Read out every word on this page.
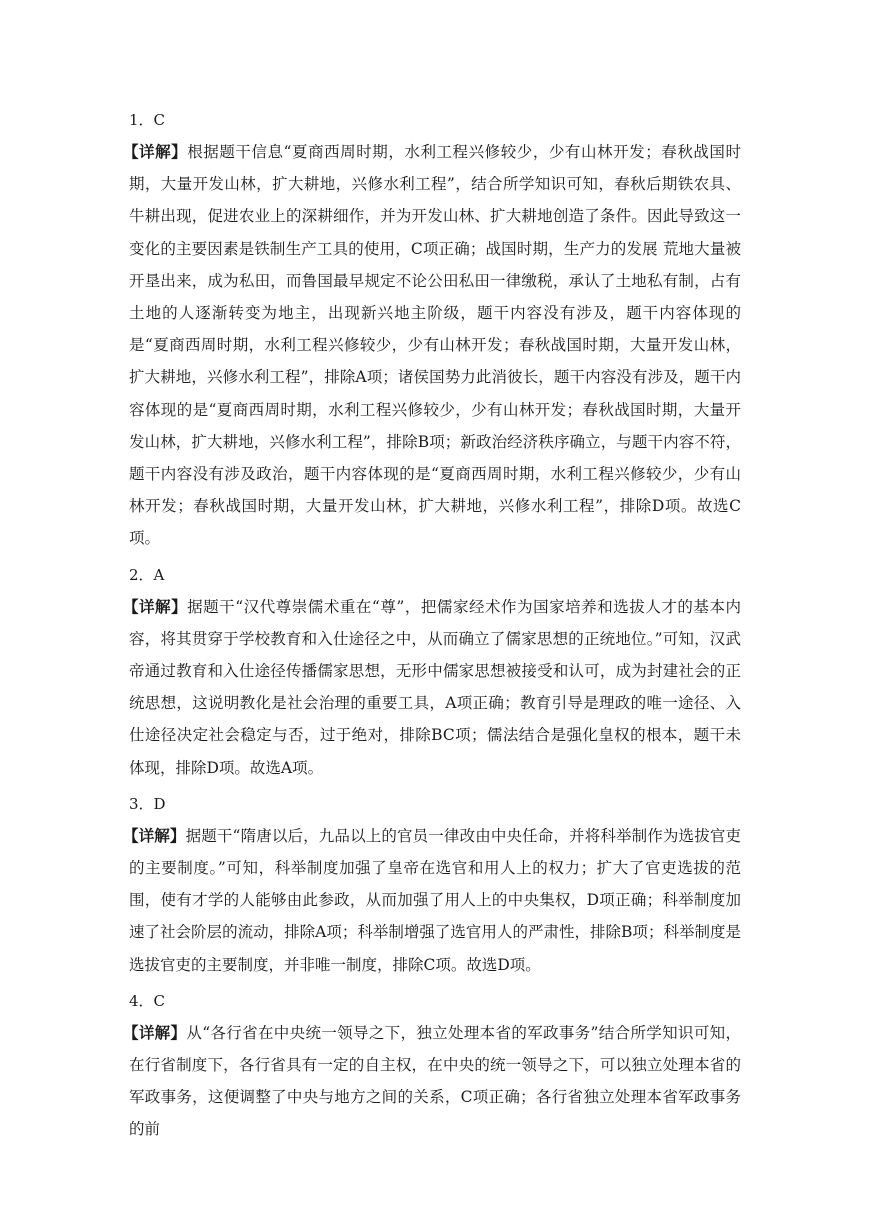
1．C

【详解】根据题干信息“夏商西周时期，水利工程兴修较少，少有山林开发；春秋战国时期，大量开发山林，扩大耕地，兴修水利工程”，结合所学知识可知，春秋后期铁农具、牛耕出现，促进农业上的深耕细作，并为开发山林、扩大耕地创造了条件。因此导致这一变化的主要因素是铁制生产工具的使用，C项正确；战国时期，生产力的发展 荒地大量被开垦出来，成为私田，而鲁国最早规定不论公田私田一律缴税，承认了土地私有制，占有土地的人逐渐转变为地主，出现新兴地主阶级，题干内容没有涉及，题干内容体现的是“夏商西周时期，水利工程兴修较少，少有山林开发；春秋战国时期，大量开发山林，扩大耕地，兴修水利工程”，排除A项；诸侯国势力此消彼长，题干内容没有涉及，题干内容体现的是“夏商西周时期，水利工程兴修较少，少有山林开发；春秋战国时期，大量开发山林，扩大耕地，兴修水利工程”，排除B项；新政治经济秩序确立，与题干内容不符，题干内容没有涉及政治，题干内容体现的是“夏商西周时期，水利工程兴修较少，少有山林开发；春秋战国时期，大量开发山林，扩大耕地，兴修水利工程”，排除D项。故选C项。

2．A

【详解】据题干“汉代尊崇儒术重在“尊”，把儒家经术作为国家培养和选拔人才的基本内容，将其贯穿于学校教育和入仕途径之中，从而确立了儒家思想的正统地位。”可知，汉武帝通过教育和入仕途径传播儒家思想，无形中儒家思想被接受和认可，成为封建社会的正统思想，这说明教化是社会治理的重要工具，A项正确；教育引导是理政的唯一途径、入仕途径决定社会稳定与否，过于绝对，排除BC项；儒法结合是强化皇权的根本，题干未体现，排除D项。故选A项。

3．D

【详解】据题干“隋唐以后，九品以上的官员一律改由中央任命，并将科举制作为选拔官吏的主要制度。”可知，科举制度加强了皇帝在选官和用人上的权力；扩大了官吏选拔的范围，使有才学的人能够由此参政，从而加强了用人上的中央集权，D项正确；科举制度加速了社会阶层的流动，排除A项；科举制增强了选官用人的严肃性，排除B项；科举制度是选拔官吏的主要制度，并非唯一制度，排除C项。故选D项。

4．C

【详解】从“各行省在中央统一领导之下，独立处理本省的军政事务”结合所学知识可知，在行省制度下，各行省具有一定的自主权，在中央的统一领导之下，可以独立处理本省的军政事务，这便调整了中央与地方之间的关系，C项正确；各行省独立处理本省军政事务的前
